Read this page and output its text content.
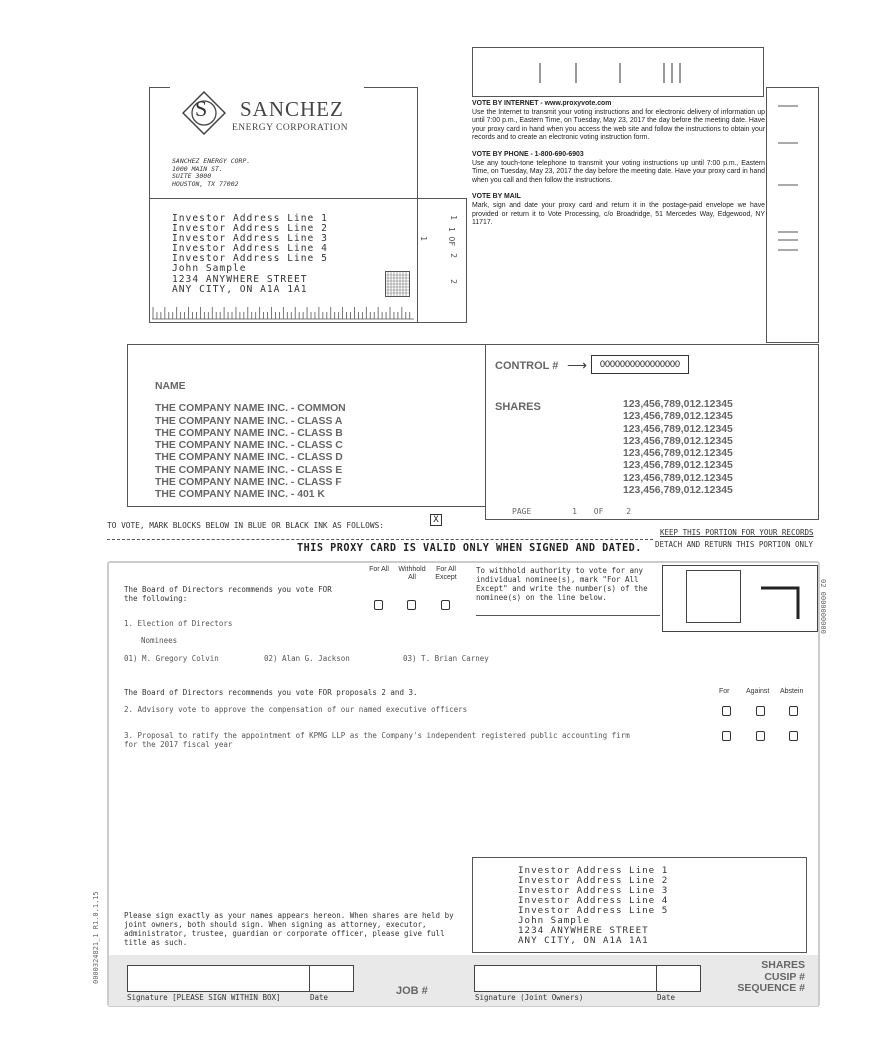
S SANCHEZ
ENERGY CORPORATION
SANCHEZ ENERGY CORP.
1000 MAIN ST.
SUITE 3000
HOUSTON, TX 77002
Investor Address Line 1
Investor Address Line 2
Investor Address Line 3
Investor Address Line 4
Investor Address Line 5
John Sample
1234 ANYWHERE STREET
ANY CITY, ON A1A 1A1
1
1 OF
1
2
2
VOTE BY INTERNET - www.proxyvote.com
Use the Internet to transmit your voting instructions and for electronic delivery of information up until 7:00 p.m., Eastern Time, on Tuesday, May 23, 2017 the day before the meeting date. Have your proxy card in hand when you access the web site and follow the instructions to obtain your records and to create an electronic voting instruction form.
VOTE BY PHONE - 1-800-690-6903
Use any touch-tone telephone to transmit your voting instructions up until 7:00 p.m., Eastern Time, on Tuesday, May 23, 2017 the day before the meeting date. Have your proxy card in hand when you call and then follow the instructions.
VOTE BY MAIL
Mark, sign and date your proxy card and return it in the postage-paid envelope we have provided or return it to Vote Processing, c/o Broadridge, 51 Mercedes Way, Edgewood, NY 11717.
NAME
THE COMPANY NAME INC. - COMMON
THE COMPANY NAME INC. - CLASS A
THE COMPANY NAME INC. - CLASS B
THE COMPANY NAME INC. - CLASS C
THE COMPANY NAME INC. - CLASS D
THE COMPANY NAME INC. - CLASS E
THE COMPANY NAME INC. - CLASS F
THE COMPANY NAME INC. - 401 K
CONTROL # ⟶	0000000000000000
SHARES	123,456,789,012.12345
123,456,789,012.12345
123,456,789,012.12345
123,456,789,012.12345
123,456,789,012.12345
123,456,789,012.12345
123,456,789,012.12345
123,456,789,012.12345
PAGE	1 OF	2
TO VOTE, MARK BLOCKS BELOW IN BLUE OR BLACK INK AS FOLLOWS:
X
KEEP THIS PORTION FOR YOUR RECORDS
DETACH AND RETURN THIS PORTION ONLY
THIS PROXY CARD IS VALID ONLY WHEN SIGNED AND DATED.
The Board of Directors recommends you vote FOR the following:
For All	Withhold All
For All Except
To withhold authority to vote for any individual nominee(s), mark "For All Except" and write the number(s) of the nominee(s) on the line below.	02 0000000000
1. Election of Directors
Nominees
01) M. Gregory Colvin	02) Alan G. Jackson	03) T. Brian Carney
The Board of Directors recommends you vote FOR proposals 2 and 3.	For Against Abstein
2. Advisory vote to approve the compensation of our named executive officers
3. Proposal to ratify the appointment of KPMG LLP as the Company's independent registered public accounting firm for the 2017 fiscal year
0000324821_1 R1.0.1.15	Please sign exactly as your names appears hereon. When shares are held by joint owners, both should sign. When signing as attorney, executor, administrator, trustee, guardian or corporate officer, please give full title as such.
Investor Address Line 1
Investor Address Line 2
Investor Address Line 3
Investor Address Line 4
Investor Address Line 5
John Sample
1234 ANYWHERE STREET
ANY CITY, ON A1A 1A1
Signature [PLEASE SIGN WITHIN BOX]	Date
JOB #
Signature (Joint Owners)	Date
SHARES
CUSIP #
SEQUENCE #
